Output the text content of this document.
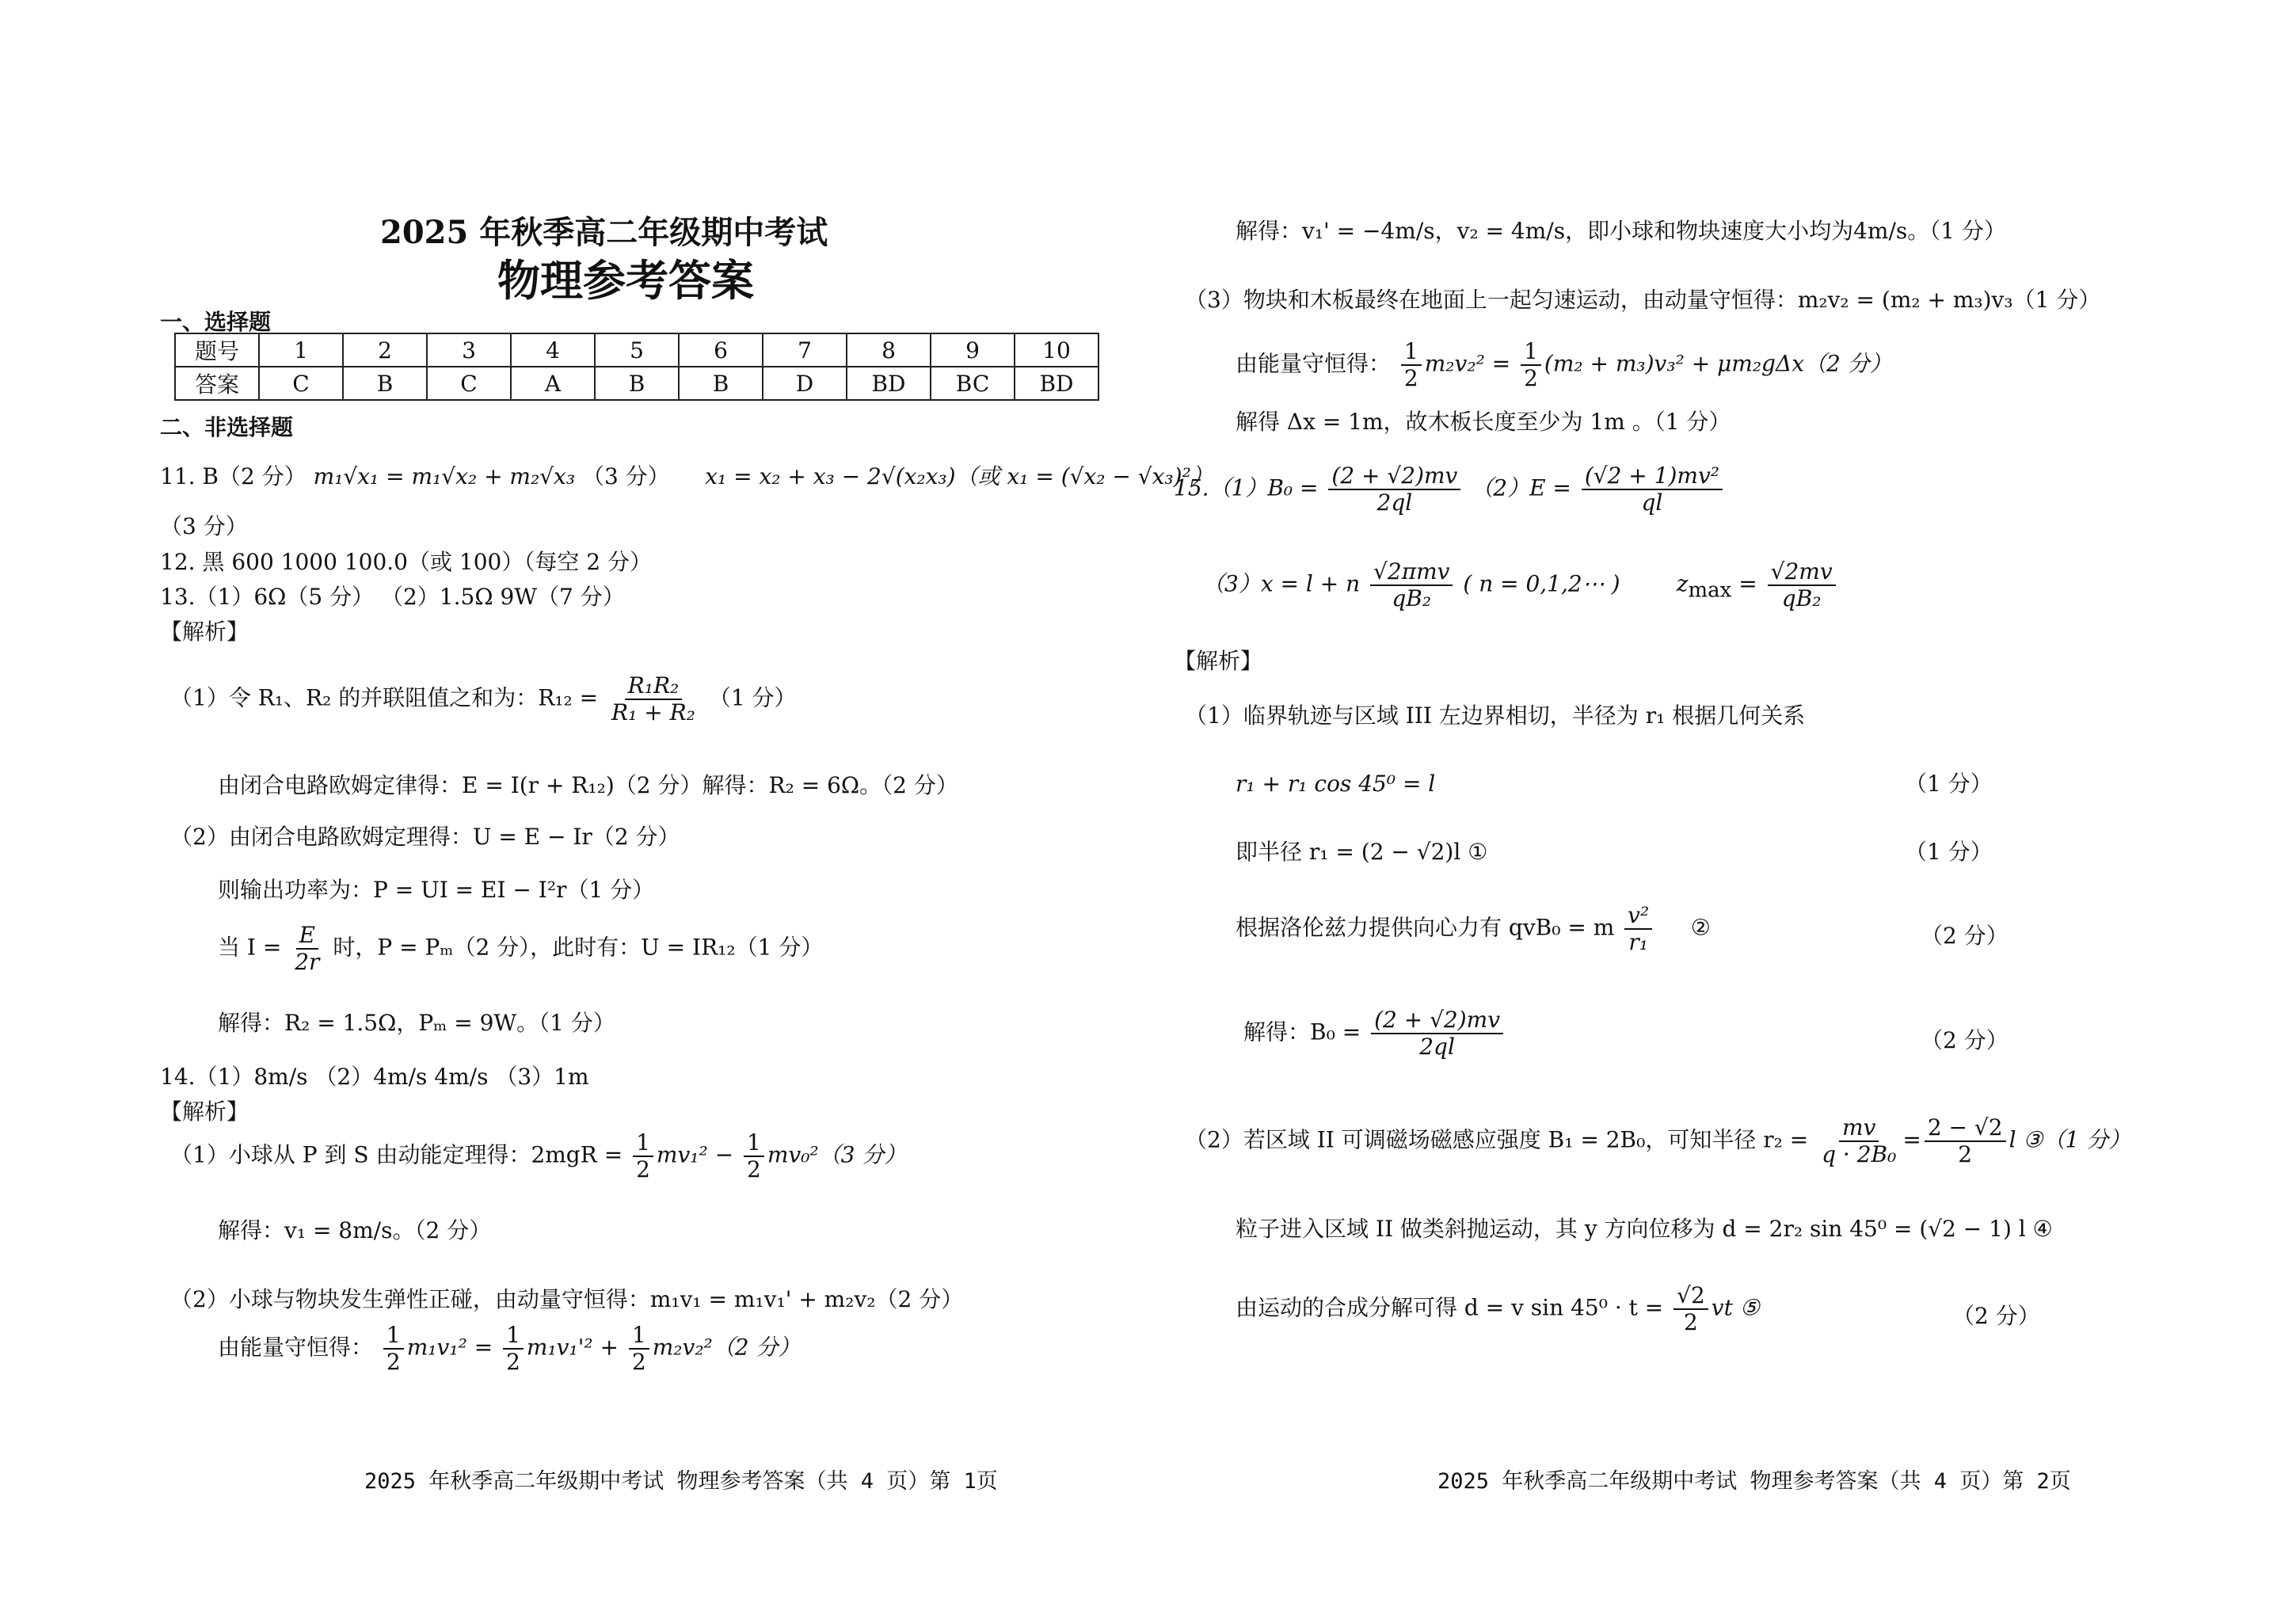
2025 年秋季高二年级期中考试
物理参考答案
一、选择题
题号	1	2	3	4	5	6	7	8	9	10
答案	C	B	C	A	B	B	D	BD	BC	BD
二、非选择题
11. B（2 分） m₁√x₁ = m₁√x₂ + m₂√x₃ （3 分） x₁ = x₂ + x₃ − 2√(x₂x₃)（或 x₁ = (√x₂ − √x₃)²）
（3 分）
12. 黑 600 1000 100.0（或 100）（每空 2 分）
13.（1）6Ω（5 分） （2）1.5Ω 9W（7 分）
【解析】
（1）令 R₁、R₂ 的并联阻值之和为：$R_{12} = \frac{\text{R₁R₂}}{\text{R₁ + R₂}} (1$ 分）
由闭合电路欧姆定律得：E = I(r + R₁₂)（2 分）解得：R₂ = 6Ω。（2 分）
（2）由闭合电路欧姆定理得：U = E − Ir（2 分）
则输出功率为：P = UI = EI − I²r（1 分）
当 $I = \frac{E}{2r}$ 时，P = Pₘ（2 分），此时有：U = IR₁₂（1 分）
解得：R₂ = 1.5Ω，Pₘ = 9W。（1 分）
14.（1）8m/s （2）4m/s 4m/s （3）1m
【解析】
（1）小球从 P 到 S 由动能定理得：$2mgR = \frac{1}{2} mv_1^2 - \frac{1}{2} mv_0^2(3$ 分）
解得：v₁ = 8m/s。（2 分）
（2）小球与物块发生弹性正碰，由动量守恒得：m₁v₁ = m₁v₁' + m₂v₂（2 分）
由能量守恒得： $\frac{1}{2} m_1v_1^2 = \frac{1}{2} m_1v_1'^2 + \frac{1}{2} m_2v_2^2(2$ 分）
2025 年秋季高二年级期中考试 物理参考答案（共 4 页）第 1页
解得：v₁' = −4m/s，v₂ = 4m/s，即小球和物块速度大小均为4m/s。（1 分）
（3）物块和木板最终在地面上一起匀速运动，由动量守恒得：m₂v₂ = (m₂ + m₃)v₃（1 分）
由能量守恒得： $\frac{1}{2} m_2v_2^2 = \frac{1}{2} (m_2 + m_3)v_3^2 + \mu m_2g\Delta x(2$ 分）
解得 Δx = 1m，故木板长度至少为 1m 。（1 分）
$15.(1)B_0 = \frac{(2 + √2)mv}{2ql} (2)E = \frac{\text{(√2 + 1)mv²}}{ql}$
（3）x = l + n $\frac{\text{√2πmv}}{\text{qB₂}}$ ( n = 0,1,2⋯ )	$z_{max} = \frac{√2mv}{\text{qB₂}}$
【解析】
（1）临界轨迹与区域 III 左边界相切，半径为 r₁ 根据几何关系
r₁ + r₁ cos 45⁰ = l	（1 分）
即半径 r₁ = (2 − √2)l ①	（1 分）
根据洛伦兹力提供向心力有 qvB₀ = m $\frac{\text{v²}}{\text{r₁}}$ ②	（2 分）
解得：$B_0 = \frac{(2 + √2)mv}{2ql}$	（2 分）
（2）若区域 II 可调磁场磁感应强度 B₁ = 2B₀，可知半径 $r_2 = \frac{mv}{\text{q · 2B₀}} = \frac{2 - √2}{2}$ l ③（1 分）
粒子进入区域 II 做类斜抛运动，其 y 方向位移为 d = 2r₂ sin 45⁰ = (√2 − 1) l ④
由运动的合成分解可得 d = v $\sin 45^0 \cdot t = \frac{√2}{2}$ vt ⑤	（2 分）
2025 年秋季高二年级期中考试 物理参考答案（共 4 页）第 2页
